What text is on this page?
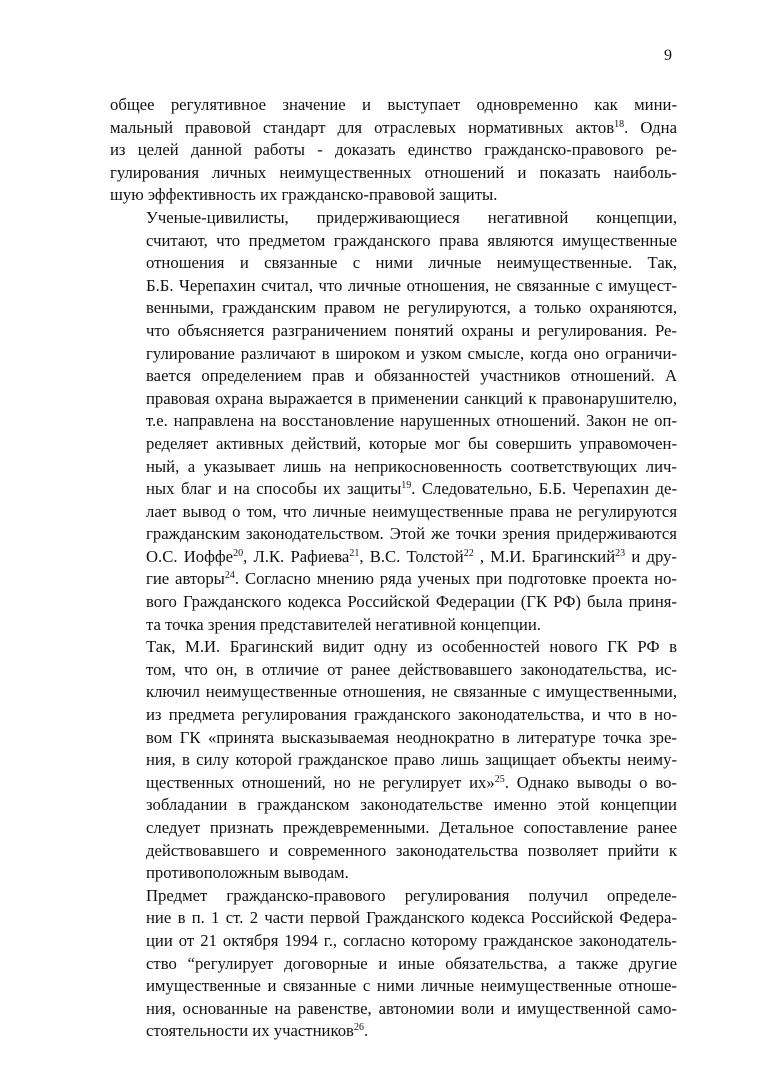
9

общее регулятивное значение и выступает одновременно как мини-
мальный правовой стандарт для отраслевых нормативных актов$^{18}$. Одна
из целей данной работы - доказать единство гражданско-правового ре-
гулирования личных неимущественных отношений и показать наиболь-
шую эффективность их гражданско-правовой защиты.

Ученые-цивилисты, придерживающиеся негативной концепции,
считают, что предметом гражданского права являются имущественные
отношения и связанные с ними личные неимущественные. Так,
Б.Б. Черепахин считал, что личные отношения, не связанные с имущест-
венными, гражданским правом не регулируются, а только охраняются,
что объясняется разграничением понятий охраны и регулирования. Ре-
гулирование различают в широком и узком смысле, когда оно ограничи-
вается определением прав и обязанностей участников отношений. А
правовая охрана выражается в применении санкций к правонарушителю,
т.е. направлена на восстановление нарушенных отношений. Закон не оп-
ределяет активных действий, которые мог бы совершить управомочен-
ный, а указывает лишь на неприкосновенность соответствующих лич-
ных благ и на способы их защиты$^{19}$. Следовательно, Б.Б. Черепахин де-
лает вывод о том, что личные неимущественные права не регулируются
гражданским законодательством. Этой же точки зрения придерживаются
О.С. Иоффе$^{20}$, Л.К. Рафиева$^{21}$, В.С. Толстой$^{22}$ , М.И. Брагинский$^{23}$ и дру-
гие авторы$^{24}$. Согласно мнению ряда ученых при подготовке проекта но-
вого Гражданского кодекса Российской Федерации (ГК РФ) была приня-
та точка зрения представителей негативной концепции.

Так, М.И. Брагинский видит одну из особенностей нового ГК РФ в
том, что он, в отличие от ранее действовавшего законодательства, ис-
ключил неимущественные отношения, не связанные с имущественными,
из предмета регулирования гражданского законодательства, и что в но-
вом ГК «принята высказываемая неоднократно в литературе точка зре-
ния, в силу которой гражданское право лишь защищает объекты неиму-
щественных отношений, но не регулирует их»$^{25}$. Однако выводы о во-
зобладании в гражданском законодательстве именно этой концепции
следует признать преждевременными. Детальное сопоставление ранее
действовавшего и современного законодательства позволяет прийти к
противоположным выводам.

Предмет гражданско-правового регулирования получил определе-
ние в п. 1 ст. 2 части первой Гражданского кодекса Российской Федера-
ции от 21 октября 1994 г., согласно которому гражданское законодатель-
ство “регулирует договорные и иные обязательства, а также другие
имущественные и связанные с ними личные неимущественные отноше-
ния, основанные на равенстве, автономии воли и имущественной само-
стоятельности их участников$^{26}$.
